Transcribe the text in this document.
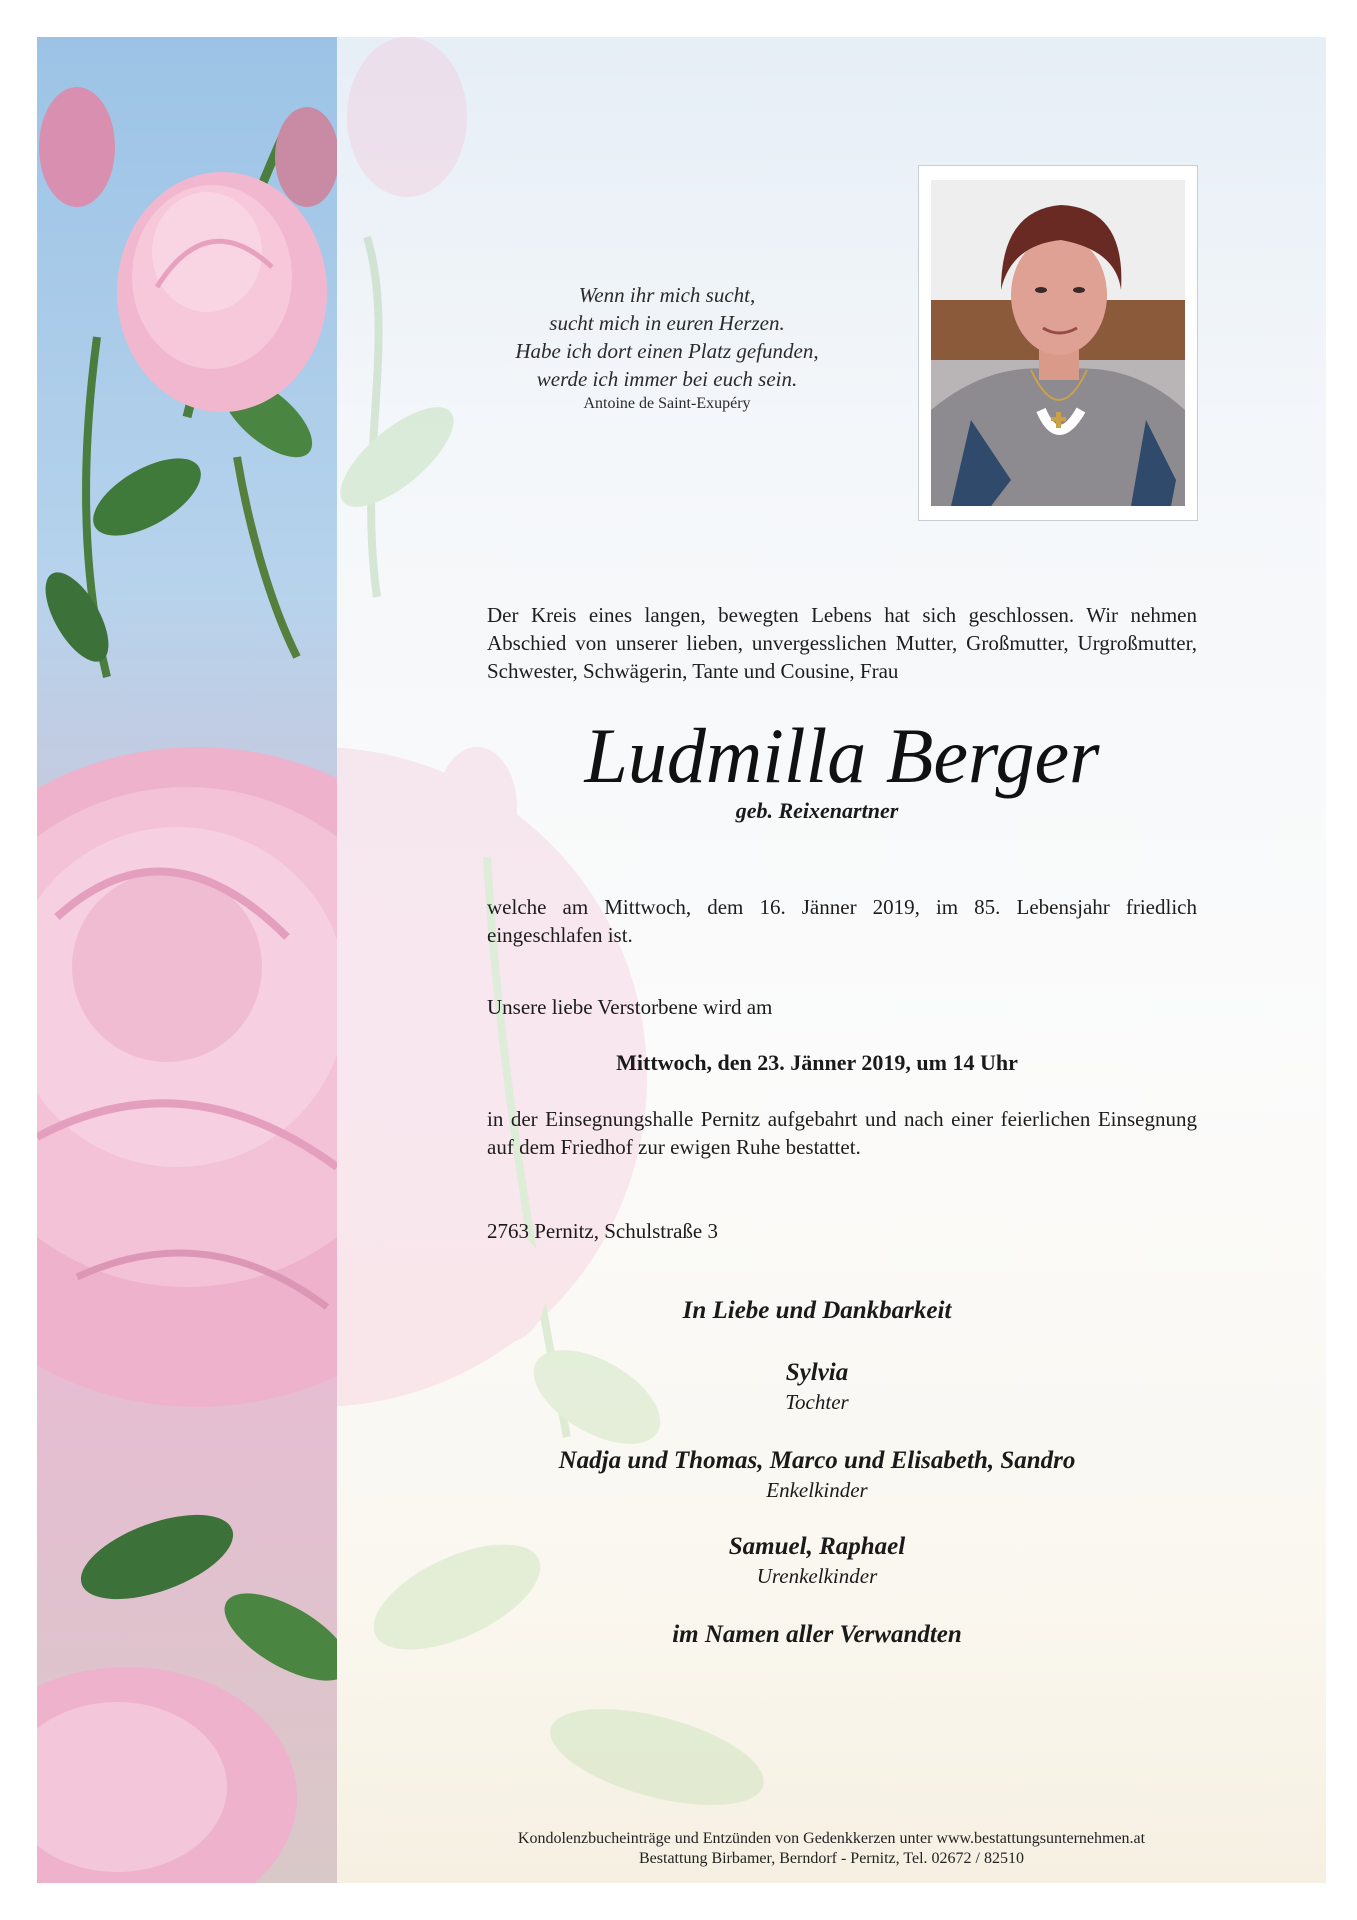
Wenn ihr mich sucht,
sucht mich in euren Herzen.
Habe ich dort einen Platz gefunden,
werde ich immer bei euch sein.
Antoine de Saint-Exupéry
Der Kreis eines langen, bewegten Lebens hat sich geschlossen. Wir nehmen Abschied von unserer lieben, unvergesslichen Mutter, Großmutter, Urgroßmutter, Schwester, Schwägerin, Tante und Cousine, Frau
Ludmilla Berger
geb. Reixenartner
welche am Mittwoch, dem 16. Jänner 2019, im 85. Lebensjahr friedlich eingeschlafen ist.
Unsere liebe Verstorbene wird am
Mittwoch, den 23. Jänner 2019, um 14 Uhr
in der Einsegnungshalle Pernitz aufgebahrt und nach einer feierlichen Einsegnung auf dem Friedhof zur ewigen Ruhe bestattet.
2763 Pernitz, Schulstraße 3
In Liebe und Dankbarkeit
Sylvia
Tochter
Nadja und Thomas, Marco und Elisabeth, Sandro
Enkelkinder
Samuel, Raphael
Urenkelkinder
im Namen aller Verwandten
Kondolenzbucheinträge und Entzünden von Gedenkkerzen unter www.bestattungsunternehmen.at
Bestattung Birbamer, Berndorf - Pernitz, Tel. 02672 / 82510
